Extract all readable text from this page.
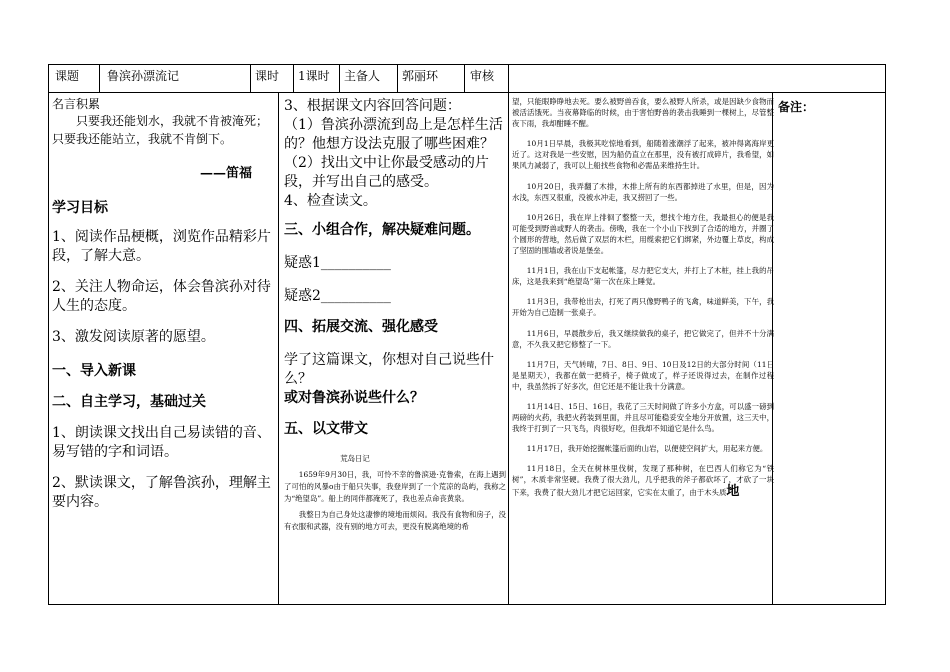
课题 鲁滨孙漂流记	课时 1课时 主备人 郭丽环	审核

名言积累

只要我还能划水，我就不肯被淹死；只要我还能站立，我就不肯倒下。

——笛福

学习目标

1、阅读作品梗概，浏览作品精彩片段，了解大意。

2、关注人物命运，体会鲁滨孙对待人生的态度。

3、激发阅读原著的愿望。

一、导入新课

二、自主学习，基础过关

1、朗读课文找出自己易读错的音、易写错的字和词语。

2、默读课文，了解鲁滨孙，理解主要内容。

3、根据课文内容回答问题：

（1）鲁滨孙漂流到岛上是怎样生活的？他想方设法克服了哪些困难？

（2）找出文中让你最受感动的片段，并写出自己的感受。

4、检查读文。

三、小组合作，解决疑难问题。

疑惑1__________

疑惑2__________

四、拓展交流、强化感受

学了这篇课文，你想对自己说些什么？

或对鲁滨孙说些什么？

五、以文带文

荒岛日记

1659年9月30日，我，可怜不幸的鲁滨逊·克鲁索，在海上遇到了可怕的风暴o由于船只失事，我登岸到了一个荒凉的岛屿，我称之为“绝望岛”。船上的同伴都淹死了，我也差点命丧黄泉。

我整日为自己身处这凄惨的境地而烦闷。我没有食物和房子，没有衣服和武器，没有别的地方可去，更没有脱离绝境的希

望，只能眼睁睁地去死。要么被野兽吞食，要么被野人所杀，或是因缺少食物而被活活饿死。当夜幕降临的时候，由于害怕野兽的袭击我睡到一棵树上，尽管整夜下雨，我却酣睡不醒。

10月1日早晨，我极其吃惊地看到，船随着涨潮浮了起来，被冲得离海岸更近了。这对我是一些安慰，因为船仍直立在那里，没有被打成碎片，我希望，如果风力减弱了，我可以上船找些食物和必需品来维持生计。

10月20日，我弄翻了木排，木排上所有的东西都掉进了水里，但是，因为水浅，东西又很重，没被水冲走，我又捞回了一些。

10月26日，我在岸上徘徊了整整一天，想找个地方住，我最担心的便是我可能受到野兽或野人的袭击。傍晚，我在一个小山下找到了合适的地方，并圈了个圆形的营地，然后做了双层的木栏，用缆索把它们绑紧，外边覆上草皮，构成了坚固的围墙或者说是堡垒。

11月1日，我在山下支起帐篷，尽力把它支大，并打上了木桩，挂上我的吊床，这是我来到“绝望岛”第一次在床上睡觉。

11月3日，我带枪出去，打死了两只像野鸭子的飞禽，味道鲜美，下午，我开始为自己造制一张桌子。

11月6日，早晨散步后，我又继续做我的桌子，把它做完了，但并不十分满意，不久我又把它修整了一下。

11月7日，天气转晴，7日、8日、9日、10日及12日的大部分时间（11日是星期天），我都在做一把椅子，椅子做成了，样子还说得过去，在制作过程中，我虽然拆了好多次，但它还是不能让我十分满意。

11月14日、15日、16日，我花了三天时间做了许多小方盒，可以盛一磅到两磅的火药，我把火药装到里面，并且尽可能稳妥安全地分开放置，这三天中，我终于打到了一只飞鸟，肉很好吃，但我却不知道它是什么鸟。

11月17日，我开始挖掘帐篷后面的山岩，以便使空间扩大，用起来方便。

11月18日，全天在树林里伐树，发现了那种树，在巴西人们称它为“铁树”，木质非常坚硬。我费了很大劲儿，几乎把我的斧子都砍坏了，才砍了一块下来，我费了很大劲儿才把它运回家，它实在太重了，由于木头质地

备注：
